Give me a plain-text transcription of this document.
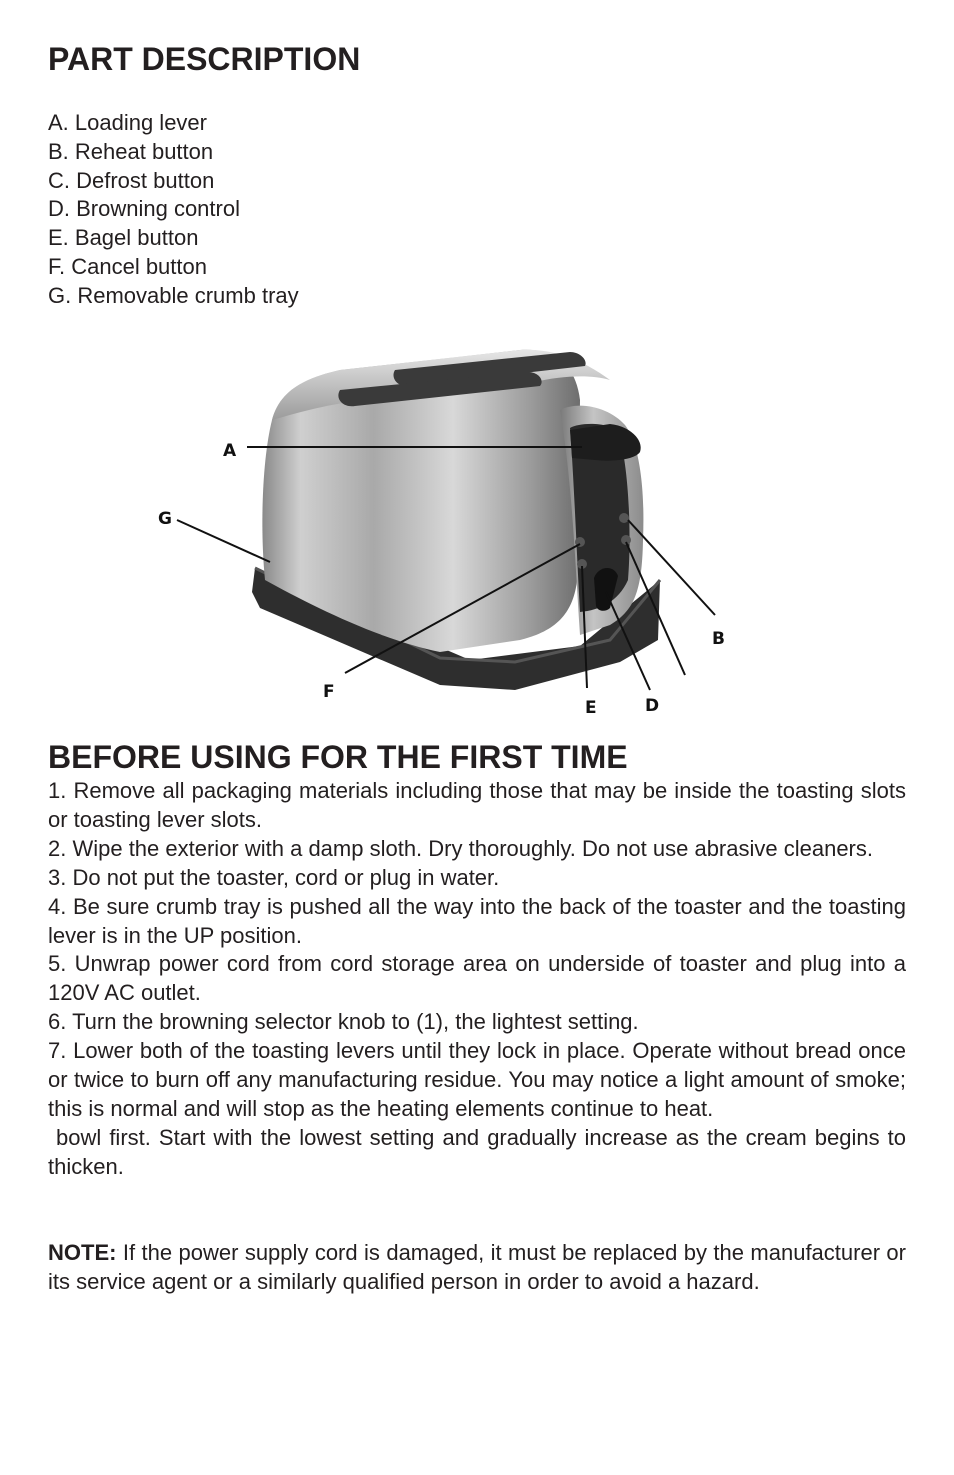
PART DESCRIPTION
A. Loading lever
B. Reheat button
C. Defrost button
D. Browning control
E. Bagel button
F. Cancel button
G. Removable crumb tray
A
B
D
E
F
G
BEFORE USING FOR THE FIRST TIME

1. Remove all packaging materials including those that may be inside the toasting slots or toasting lever slots.

2. Wipe the exterior with a damp sloth. Dry thoroughly. Do not use abrasive cleaners.

3. Do not put the toaster, cord or plug in water.

4. Be sure crumb tray is pushed all the way into the back of the toaster and the toasting lever is in the UP position.

5. Unwrap power cord from cord storage area on underside of toaster and plug into a 120V AC outlet.

6. Turn the browning selector knob to (1), the lightest setting.

7. Lower both of the toasting levers until they lock in place. Operate without bread once or twice to burn off any manufacturing residue. You may notice a light amount of smoke; this is normal and will stop as the heating elements continue to heat.

bowl first. Start with the lowest setting and gradually increase as the cream begins to thicken.

NOTE: If the power supply cord is damaged, it must be replaced by the manufacturer or its service agent or a similarly qualified person in order to avoid a hazard.
